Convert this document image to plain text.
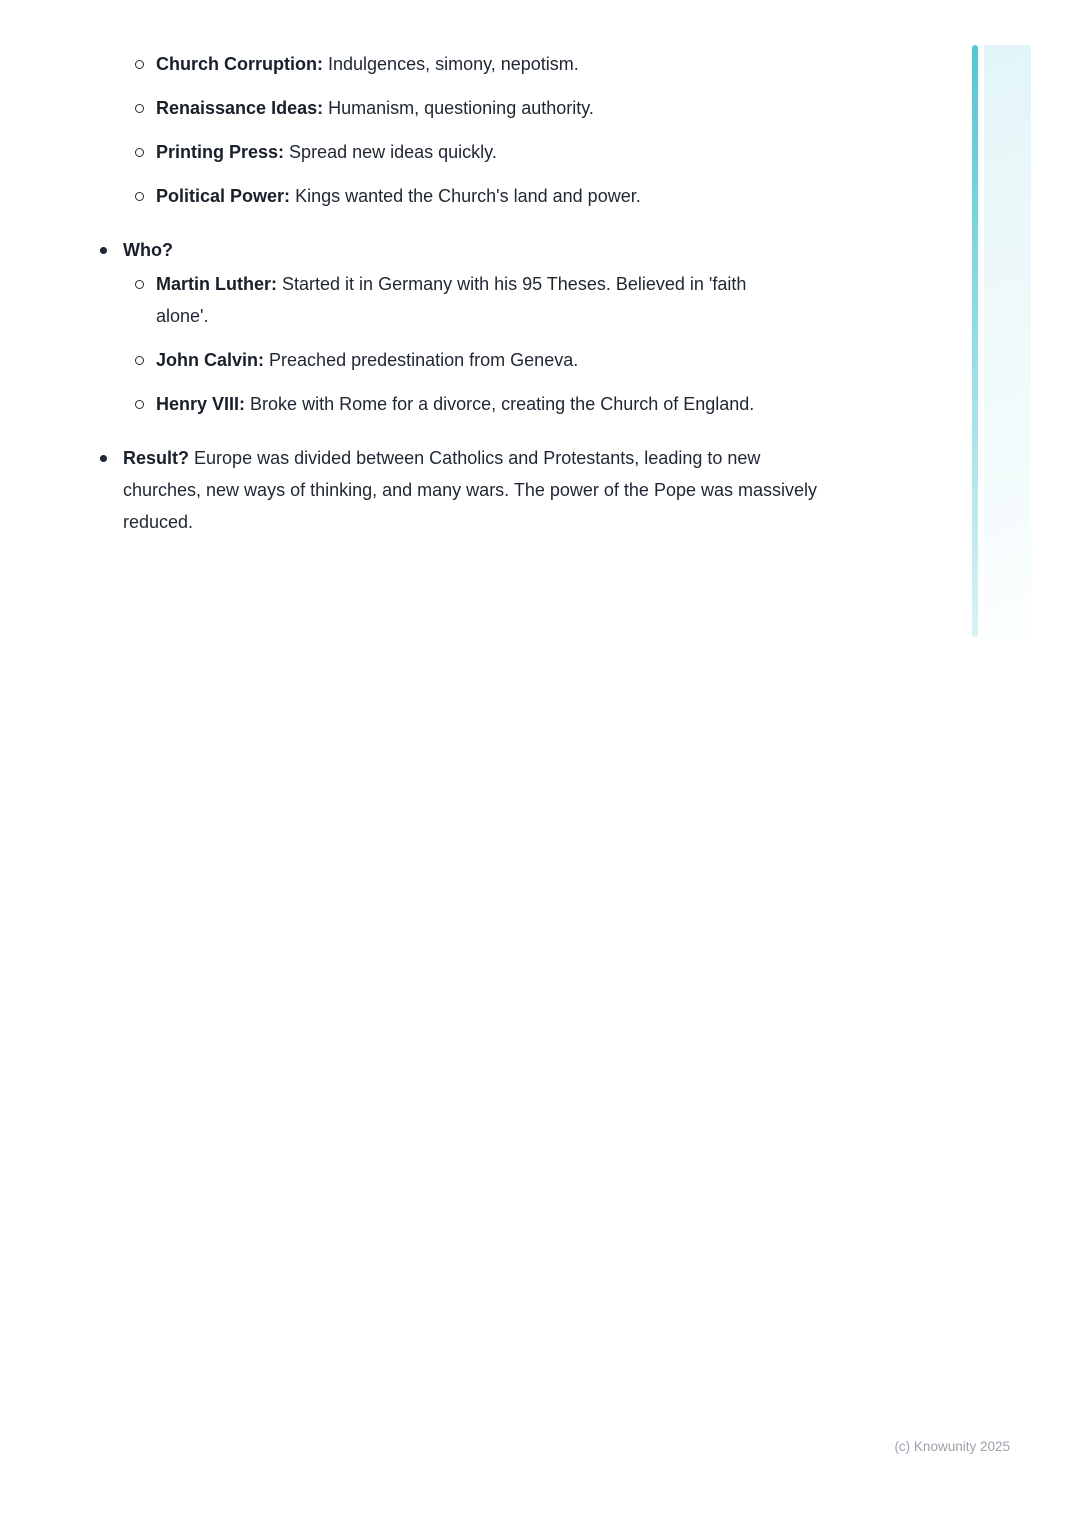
Church Corruption: Indulgences, simony, nepotism.
Renaissance Ideas: Humanism, questioning authority.
Printing Press: Spread new ideas quickly.
Political Power: Kings wanted the Church's land and power.
Who?
Martin Luther: Started it in Germany with his 95 Theses. Believed in 'faith alone'.
John Calvin: Preached predestination from Geneva.
Henry VIII: Broke with Rome for a divorce, creating the Church of England.
Result? Europe was divided between Catholics and Protestants, leading to new churches, new ways of thinking, and many wars. The power of the Pope was massively reduced.
(c) Knowunity 2025
